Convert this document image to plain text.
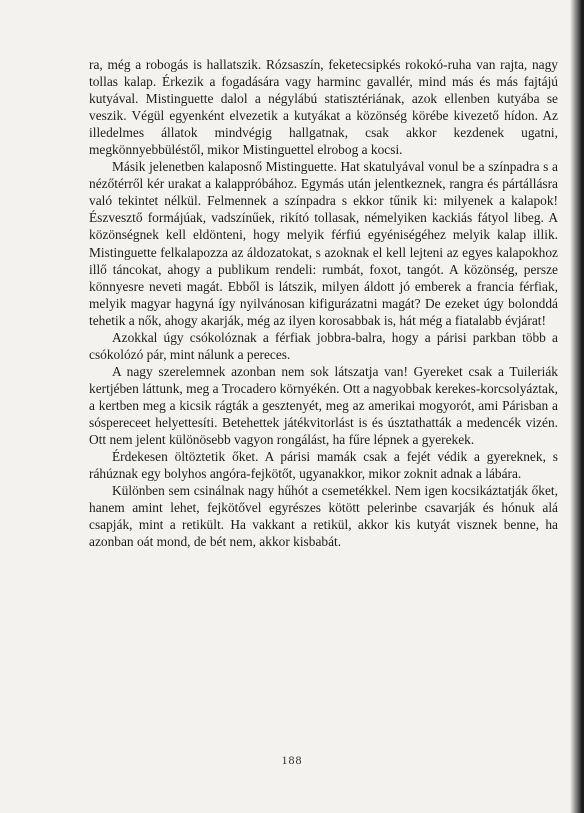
ra, még a robogás is hallatszik. Rózsaszín, feketecsipkés rokokó-ruha van rajta, nagy tollas kalap. Érkezik a fogadására vagy harminc gavallér, mind más és más fajtájú kutyával. Mistinguette dalol a négylábú statisztériának, azok ellenben kutyába se veszik. Végül egyenként elvezetik a kutyákat a közönség körébe kivezető hídon. Az illedelmes állatok mindvégig hallgatnak, csak akkor kezdenek ugatni, megkönnyebbüléstől, mikor Mistinguettel elrobog a kocsi.

Másik jelenetben kalaposnő Mistinguette. Hat skatulyával vonul be a színpadra s a nézőtérről kér urakat a kalappróbához. Egymás után jelentkeznek, rangra és pártállásra való tekintet nélkül. Felmennek a színpadra s ekkor tűnik ki: milyenek a kalapok! Észvesztő formájúak, vadszínűek, rikító tollasak, némelyiken kackiás fátyol libeg. A közönségnek kell eldönteni, hogy melyik férfiú egyéniségéhez melyik kalap illik. Mistinguette felkalapozza az áldozatokat, s azoknak el kell lejteni az egyes kalapokhoz illő táncokat, ahogy a publikum rendeli: rumbát, foxot, tangót. A közönség, persze könnyesre neveti magát. Ebből is látszik, milyen áldott jó emberek a francia férfiak, melyik magyar hagyná így nyilvánosan kifigurázatni magát? De ezeket úgy bolonddá tehetik a nők, ahogy akarják, még az ilyen korosabbak is, hát még a fiatalabb évjárat!

Azokkal úgy csókolóznak a férfiak jobbra-balra, hogy a párisi parkban több a csókolózó pár, mint nálunk a pereces.

A nagy szerelemnek azonban nem sok látszatja van! Gyereket csak a Tuileriák kertjében láttunk, meg a Trocadero környékén. Ott a nagyobbak kerekes-korcsolyáztak, a kertben meg a kicsik rágták a gesztenyét, meg az amerikai mogyorót, ami Párisban a sóspereceet helyettesíti. Betehettek játékvitorlást is és úsztathatták a medencék vizén. Ott nem jelent különösebb vagyon rongálást, ha fűre lépnek a gyerekek.

Érdekesen öltöztetik őket. A párisi mamák csak a fejét védik a gyereknek, s ráhúznak egy bolyhos angóra-fejkötőt, ugyanakkor, mikor zoknit adnak a lábára.

Különben sem csinálnak nagy hűhót a csemetékkel. Nem igen kocsikáztatják őket, hanem amint lehet, fejkötővel egyrészes kötött pelerinbe csavarják és hónuk alá csapják, mint a retikült. Ha vakkant a retikül, akkor kis kutyát visznek benne, ha azonban oát mond, de bét nem, akkor kisbabát.

188
